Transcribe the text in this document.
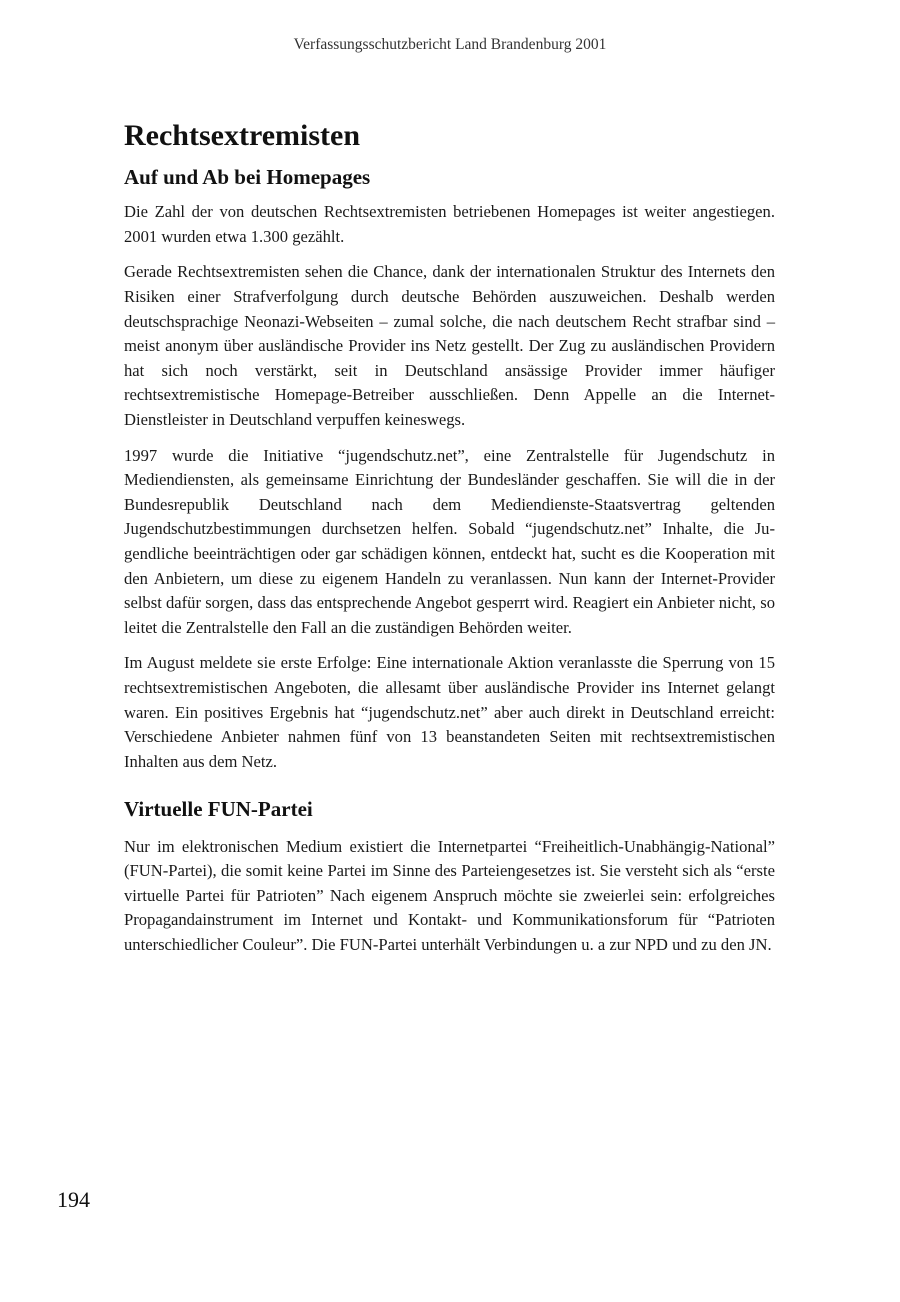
Verfassungsschutzbericht Land Brandenburg 2001
Rechtsextremisten
Auf und Ab bei Homepages

Die Zahl der von deutschen Rechtsextremisten betriebenen Homepages ist weiter angestiegen. 2001 wurden etwa 1.300 gezählt.

Gerade Rechtsextremisten sehen die Chance, dank der internationalen Struktur des Internets den Risiken einer Strafverfolgung durch deutsche Behörden auszuweichen. Deshalb werden deutschsprachige Neonazi-Webseiten – zumal solche, die nach deutschem Recht strafbar sind – meist anonym über ausländische Provider ins Netz gestellt. Der Zug zu ausländischen Providern hat sich noch verstärkt, seit in Deutschland ansässige Provider immer häufiger rechtsextremistische Homepage-Betreiber ausschließen. Denn Appelle an die Internet-Dienstleister in Deutschland verpuffen keineswegs.

1997 wurde die Initiative “jugendschutz.net”, eine Zentralstelle für Jugendschutz in Mediendiensten, als gemeinsame Einrichtung der Bundesländer geschaffen. Sie will die in der Bundesrepublik Deutschland nach dem Mediendienste-Staatsvertrag geltenden Jugendschutzbestimmungen durchsetzen helfen. Sobald “jugendschutz.net” Inhalte, die Jugendliche beeinträchtigen oder gar schädigen können, entdeckt hat, sucht es die Kooperation mit den Anbietern, um diese zu eigenem Handeln zu veranlassen. Nun kann der Internet-Provider selbst dafür sorgen, dass das entsprechende Angebot gesperrt wird. Reagiert ein Anbieter nicht, so leitet die Zentralstelle den Fall an die zuständigen Behörden weiter.

Im August meldete sie erste Erfolge: Eine internationale Aktion veranlasste die Sperrung von 15 rechtsextremistischen Angeboten, die allesamt über ausländische Provider ins Internet gelangt waren. Ein positives Ergebnis hat “jugendschutz.net” aber auch direkt in Deutschland erreicht: Verschiedene Anbieter nahmen fünf von 13 beanstandeten Seiten mit rechtsextremistischen Inhalten aus dem Netz.

Virtuelle FUN-Partei

Nur im elektronischen Medium existiert die Internetpartei “Freiheitlich-Unabhängig-National” (FUN-Partei), die somit keine Partei im Sinne des Parteiengesetzes ist. Sie versteht sich als “erste virtuelle Partei für Patrioten” Nach eigenem Anspruch möchte sie zweierlei sein: erfolgreiches Propagandainstrument im Internet und Kontakt- und Kommunikationsforum für “Patrioten unterschiedlicher Couleur”. Die FUN-Partei unterhält Verbindungen u. a zur NPD und zu den JN.

194
